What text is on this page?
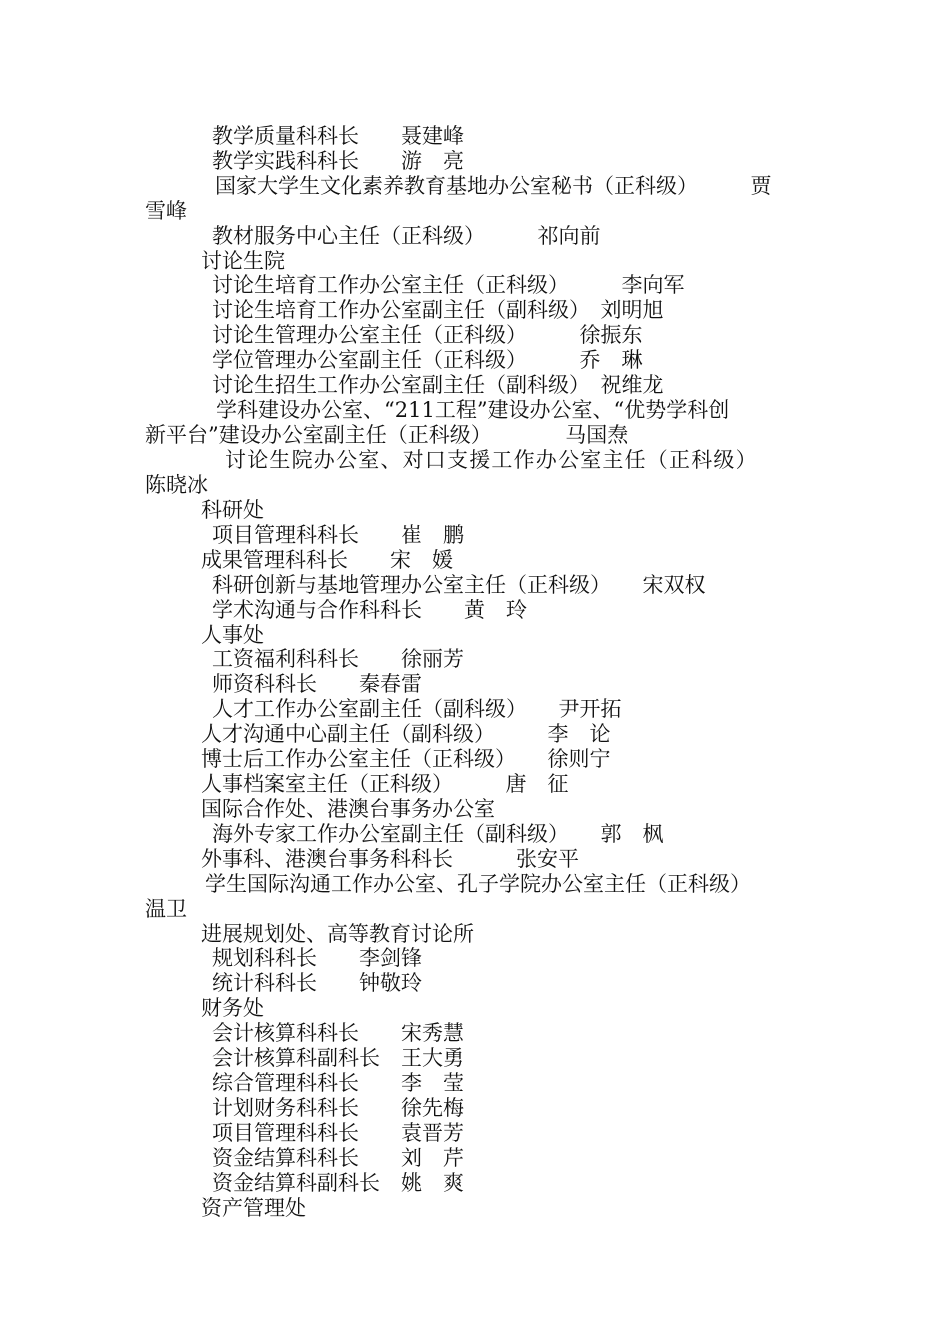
教学质量科科长　　聂建峰
教学实践科科长　　游　亮
国家大学生文化素养教育基地办公室秘书（正科级）　　　贾
雪峰
教材服务中心主任（正科级）　　　祁向前
讨论生院
讨论生培育工作办公室主任（正科级）　　　李向军
讨论生培育工作办公室副主任（副科级）　刘明旭
讨论生管理办公室主任（正科级）　　　徐振东
学位管理办公室副主任（正科级）　　　乔　琳
讨论生招生工作办公室副主任（副科级）　祝维龙
学科建设办公室、“211工程”建设办公室、“优势学科创
新平台”建设办公室副主任（正科级）　　　　马国焘
讨论生院办公室、对口支援工作办公室主任（正科级）
陈晓冰
科研处
项目管理科科长　　崔　鹏
成果管理科科长　　宋　媛
科研创新与基地管理办公室主任（正科级）　　宋双权
学术沟通与合作科科长　　黄　玲
人事处
工资福利科科长　　徐丽芳
师资科科长　　秦春雷
人才工作办公室副主任（副科级）　　尹开拓
人才沟通中心副主任（副科级）　　　李　论
博士后工作办公室主任（正科级）　　徐则宁
人事档案室主任（正科级）　　　唐　征
国际合作处、港澳台事务办公室
海外专家工作办公室副主任（副科级）　　郭　枫
外事科、港澳台事务科科长　　　张安平
学生国际沟通工作办公室、孔子学院办公室主任（正科级）
温卫
进展规划处、高等教育讨论所
规划科科长　　李剑锋
统计科科长　　钟敬玲
财务处
会计核算科科长　　宋秀慧
会计核算科副科长　王大勇
综合管理科科长　　李　莹
计划财务科科长　　徐先梅
项目管理科科长　　袁晋芳
资金结算科科长　　刘　芹
资金结算科副科长　姚　爽
资产管理处
